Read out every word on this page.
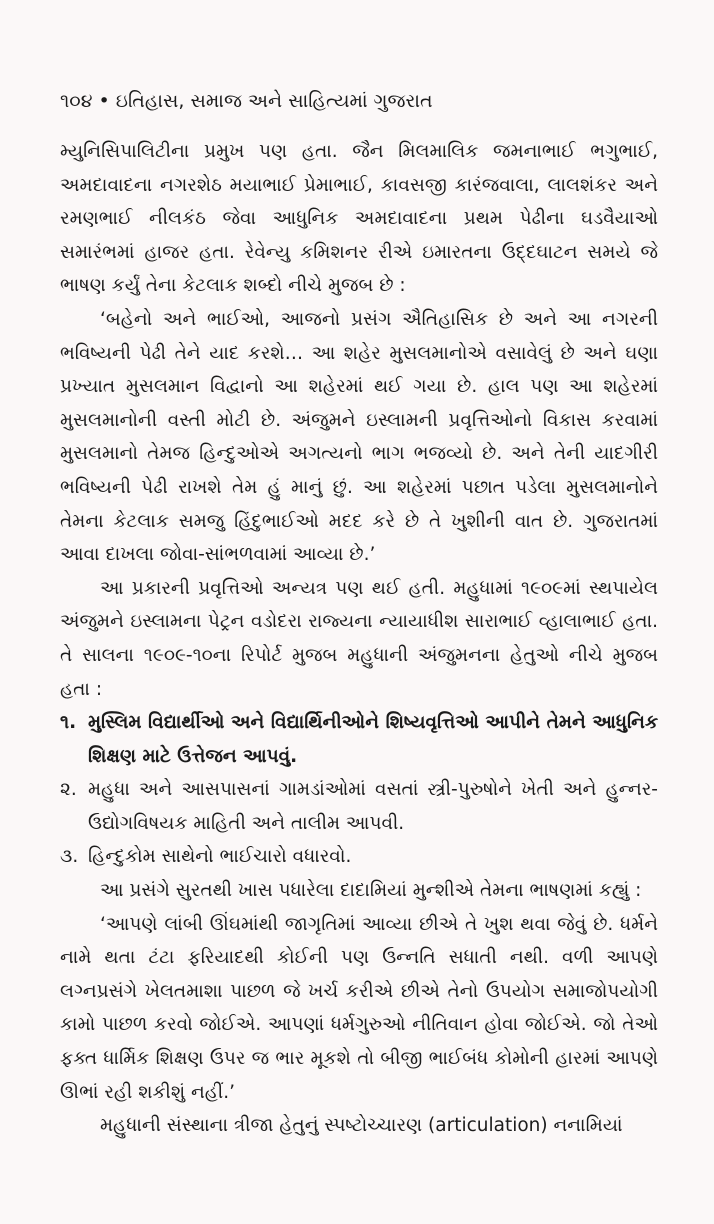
૧૦૪ • ઇતિહાસ, સમાજ અને સાહિત્યમાં ગુજરાત

મ્યુનિસિપાલિટીના પ્રમુખ પણ હતા. જૈન મિલમાલિક જમનાભાઈ ભગુભાઈ, અમદાવાદના નગરશેઠ મયાભાઈ પ્રેમાભાઈ, કાવસજી કારંજવાલા, લાલશંકર અને રમણભાઈ નીલકંઠ જેવા આધુનિક અમદાવાદના પ્રથમ પેઢીના ઘડવૈયાઓ સમારંભમાં હાજર હતા. રેવેન્યુ કમિશનર રીએ ઇમારતના ઉદ્દઘાટન સમયે જે ભાષણ કર્યું તેના કેટલાક શબ્દો નીચે મુજબ છે :

‘બહેનો અને ભાઈઓ, આજનો પ્રસંગ ઐતિહાસિક છે અને આ નગરની ભવિષ્યની પેઢી તેને યાદ કરશે… આ શહેર મુસલમાનોએ વસાવેલું છે અને ઘણા પ્રખ્યાત મુસલમાન વિદ્વાનો આ શહેરમાં થઈ ગયા છે. હાલ પણ આ શહેરમાં મુસલમાનોની વસ્તી મોટી છે. અંજુમને ઇસ્લામની પ્રવૃત્તિઓનો વિકાસ કરવામાં મુસલમાનો તેમજ હિન્દુઓએ અગત્યનો ભાગ ભજવ્યો છે. અને તેની યાદગીરી ભવિષ્યની પેઢી રાખશે તેમ હું માનું છું. આ શહેરમાં પછાત પડેલા મુસલમાનોને તેમના કેટલાક સમજુ હિંદુભાઈઓ મદદ કરે છે તે ખુશીની વાત છે. ગુજરાતમાં આવા દાખલા જોવા-સાંભળવામાં આવ્યા છે.’

આ પ્રકારની પ્રવૃત્તિઓ અન્યત્ર પણ થઈ હતી. મહુધામાં ૧૯૦૯માં સ્થપાયેલ અંજુમને ઇસ્લામના પેટ્રન વડોદરા રાજ્યના ન્યાયાધીશ સારાભાઈ વ્હાલાભાઈ હતા. તે સાલના ૧૯૦૯-૧૦ના રિપોર્ટ મુજબ મહુધાની અંજુમનના હેતુઓ નીચે મુજબ હતા :

૧. મુસ્લિમ વિદ્યાર્થીઓ અને વિદ્યાર્થિનીઓને શિષ્યવૃત્તિઓ આપીને તેમને આધુનિક શિક્ષણ માટે ઉત્તેજન આપવું.
૨. મહુધા અને આસપાસનાં ગામડાંઓમાં વસતાં સ્ત્રી-પુરુષોને ખેતી અને હુન્નર-ઉદ્યોગવિષયક માહિતી અને તાલીમ આપવી.
૩. હિન્દુકોમ સાથેનો ભાઈચારો વધારવો.

આ પ્રસંગે સુરતથી ખાસ પધારેલા દાદામિયાં મુન્શીએ તેમના ભાષણમાં કહ્યું :

‘આપણે લાંબી ઊંઘમાંથી જાગૃતિમાં આવ્યા છીએ તે ખુશ થવા જેવું છે. ધર્મને નામે થતા ટંટા ફરિયાદથી કોઈની પણ ઉન્નતિ સધાતી નથી. વળી આપણે લગ્નપ્રસંગે ખેલતમાશા પાછળ જે ખર્ચ કરીએ છીએ તેનો ઉપયોગ સમાજોપયોગી કામો પાછળ કરવો જોઈએ. આપણાં ધર્મગુરુઓ નીતિવાન હોવા જોઈએ. જો તેઓ ફક્ત ધાર્મિક શિક્ષણ ઉપર જ ભાર મૂકશે તો બીજી ભાઈબંધ કોમોની હારમાં આપણે ઊભાં રહી શકીશું નહીં.’

મહુધાની સંસ્થાના ત્રીજા હેતુનું સ્પષ્ટોચ્ચારણ (articulation) નનામિયાં
